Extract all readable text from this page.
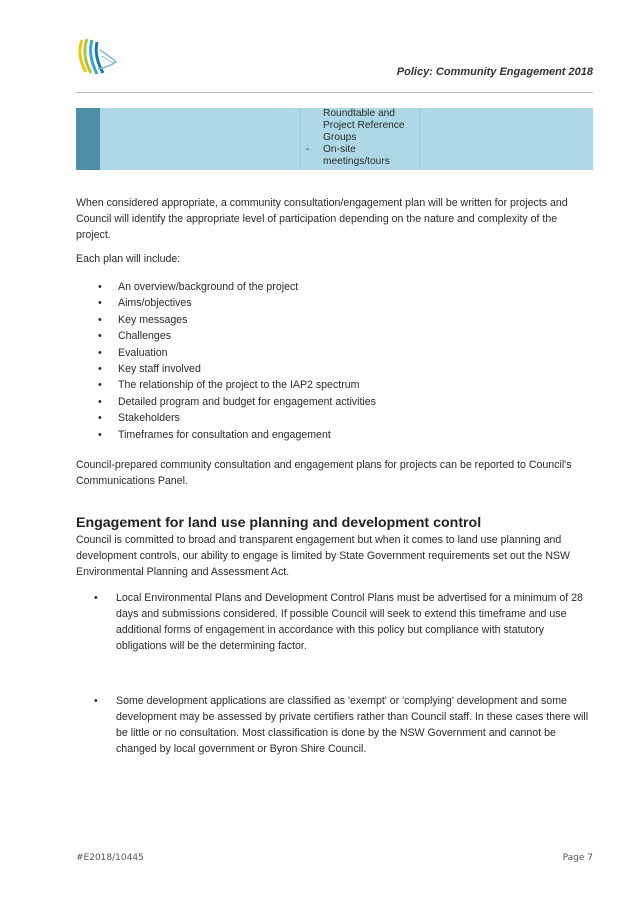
Policy: Community Engagement 2018
-
Roundtable and Project Reference Groups
On-site meetings/tours

When considered appropriate, a community consultation/engagement plan will be written for projects and Council will identify the appropriate level of participation depending on the nature and complexity of the project.

Each plan will include:

• An overview/background of the project
• Aims/objectives
• Key messages
• Challenges
• Evaluation
• Key staff involved
• The relationship of the project to the IAP2 spectrum
• Detailed program and budget for engagement activities
• Stakeholders
• Timeframes for consultation and engagement

Council-prepared community consultation and engagement plans for projects can be reported to Council's Communications Panel.

Engagement for land use planning and development control

Council is committed to broad and transparent engagement but when it comes to land use planning and development controls, our ability to engage is limited by State Government requirements set out the NSW Environmental Planning and Assessment Act.

• Local Environmental Plans and Development Control Plans must be advertised for a minimum of 28 days and submissions considered. If possible Council will seek to extend this timeframe and use additional forms of engagement in accordance with this policy but compliance with statutory obligations will be the determining factor.
• Some development applications are classified as 'exempt' or 'complying' development and some development may be assessed by private certifiers rather than Council staff. In these cases there will be little or no consultation. Most classification is done by the NSW Government and cannot be changed by local government or Byron Shire Council.
#E2018/10445	Page 7
